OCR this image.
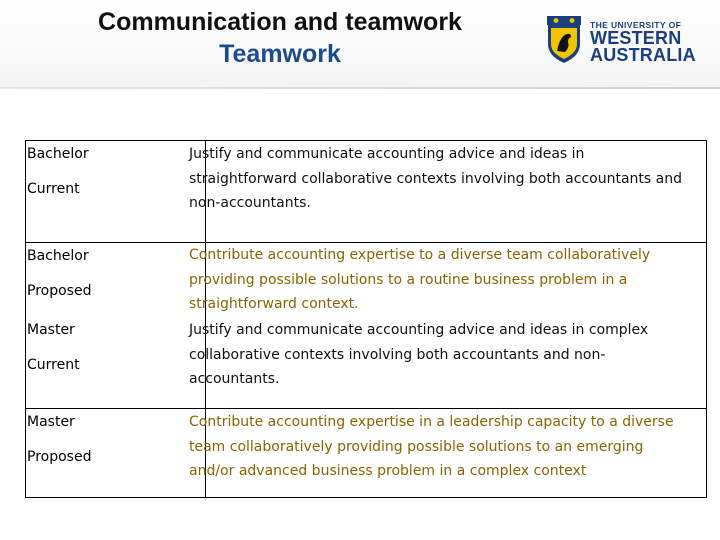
Communication and teamwork
Teamwork
THE UNIVERSITY OF
WESTERN
AUSTRALIA
Bachelor
Current
Justify and communicate accounting advice and ideas in
straightforward collaborative contexts involving both accountants and
non-accountants.
Bachelor
Proposed
Contribute accounting expertise to a diverse team collaboratively
providing possible solutions to a routine business problem in a
straightforward context.
Master
Current
Justify and communicate accounting advice and ideas in complex
collaborative contexts involving both accountants and non-
accountants.
Master
Proposed
Contribute accounting expertise in a leadership capacity to a diverse
team collaboratively providing possible solutions to an emerging
and/or advanced business problem in a complex context
